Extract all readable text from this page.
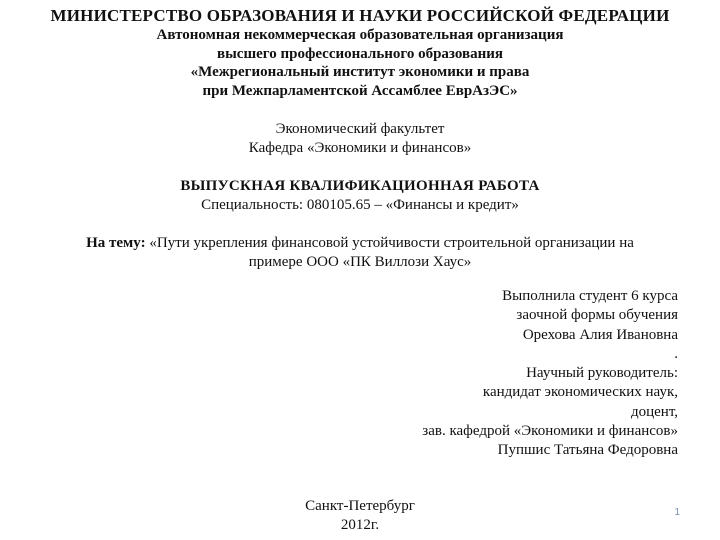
МИНИСТЕРСТВО ОБРАЗОВАНИЯ И НАУКИ РОССИЙСКОЙ ФЕДЕРАЦИИ
Автономная некоммерческая образовательная организация
высшего профессионального образования
«Межрегиональный институт экономики и права
при Межпарламентской Ассамблее ЕврАзЭС»
Экономический факультет
Кафедра «Экономики и финансов»
ВЫПУСКНАЯ КВАЛИФИКАЦИОННАЯ РАБОТА
Специальность: 080105.65 – «Финансы и кредит»
На тему: «Пути укрепления финансовой устойчивости строительной организации на
примере ООО «ПК Виллози Хаус»
Выполнила студент 6 курса
заочной формы обучения
Орехова Алия Ивановна
.
Научный руководитель:
кандидат экономических наук,
доцент,
зав. кафедрой «Экономики и финансов»
Пупшис Татьяна Федоровна
Санкт-Петербург
2012г.
1
